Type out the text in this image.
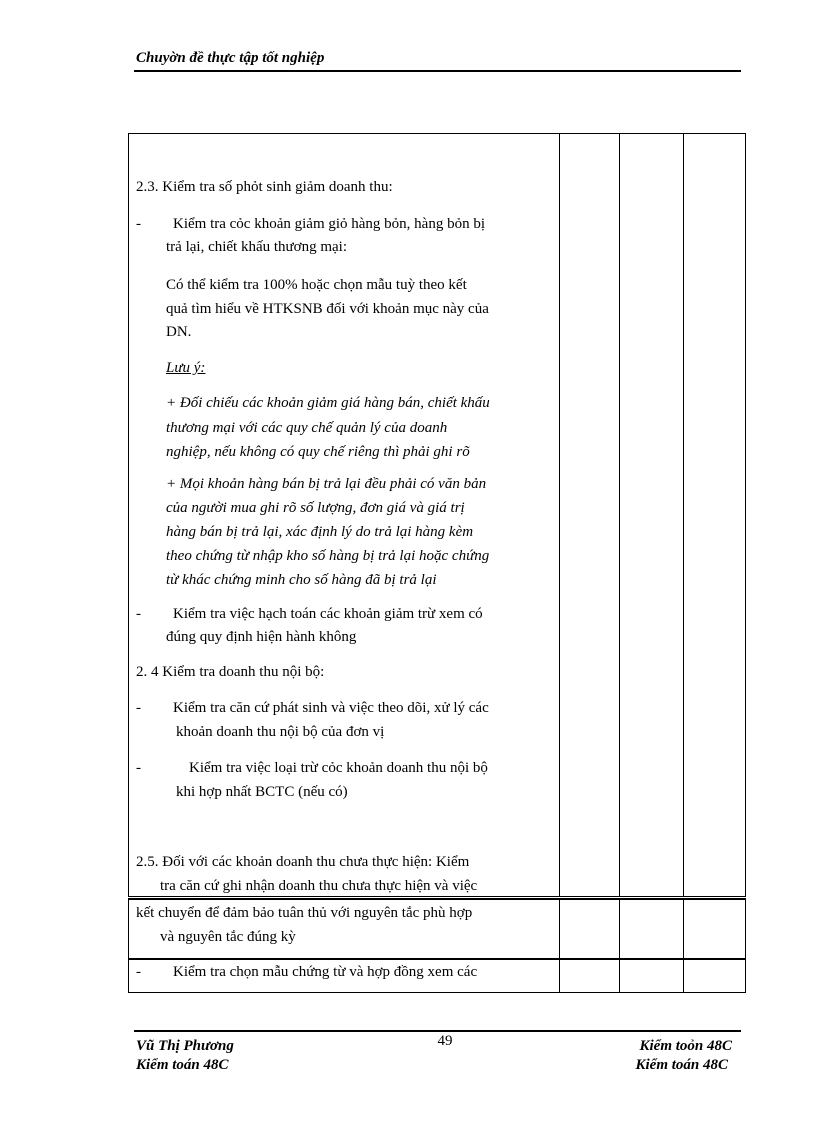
Chuyờn đề thực tập tốt nghiệp
2.3. Kiểm tra số phỏt sinh giảm doanh thu:
- Kiểm tra cỏc khoản giảm giỏ hàng bỏn, hàng bỏn bị
trả lại, chiết khấu thương mại:
Có thể kiểm tra 100% hoặc chọn mẫu tuỳ theo kết
quả tìm hiểu về HTKSNB đối với khoản mục này của
DN.
Lưu ý:
+ Đối chiếu các khoản giảm giá hàng bán, chiết khấu
thương mại với các quy chế quản lý của doanh
nghiệp, nếu không có quy chế riêng thì phải ghi rõ
+ Mọi khoản hàng bán bị trả lại đều phải có văn bản
của người mua ghi rõ số lượng, đơn giá và giá trị
hàng bán bị trả lại, xác định lý do trả lại hàng kèm
theo chứng từ nhập kho số hàng bị trả lại hoặc chứng
từ khác chứng minh cho số hàng đã bị trả lại
- Kiểm tra việc hạch toán các khoản giảm trừ xem có
đúng quy định hiện hành không
2. 4 Kiểm tra doanh thu nội bộ:
- Kiểm tra căn cứ phát sinh và việc theo dõi, xử lý các
khoản doanh thu nội bộ của đơn vị
-	Kiểm tra việc loại trừ cỏc khoản doanh thu nội bộ
khi hợp nhất BCTC (nếu có)
2.5. Đối với các khoản doanh thu chưa thực hiện: Kiểm
tra căn cứ ghi nhận doanh thu chưa thực hiện và việc
kết chuyển để đảm bảo tuân thủ với nguyên tắc phù hợp
và nguyên tắc đúng kỳ
- Kiểm tra chọn mẫu chứng từ và hợp đồng xem các
Vũ Thị Phương
Kiểm toán 48C
49	Kiểm toỏn 48C
Kiểm toán 48C
